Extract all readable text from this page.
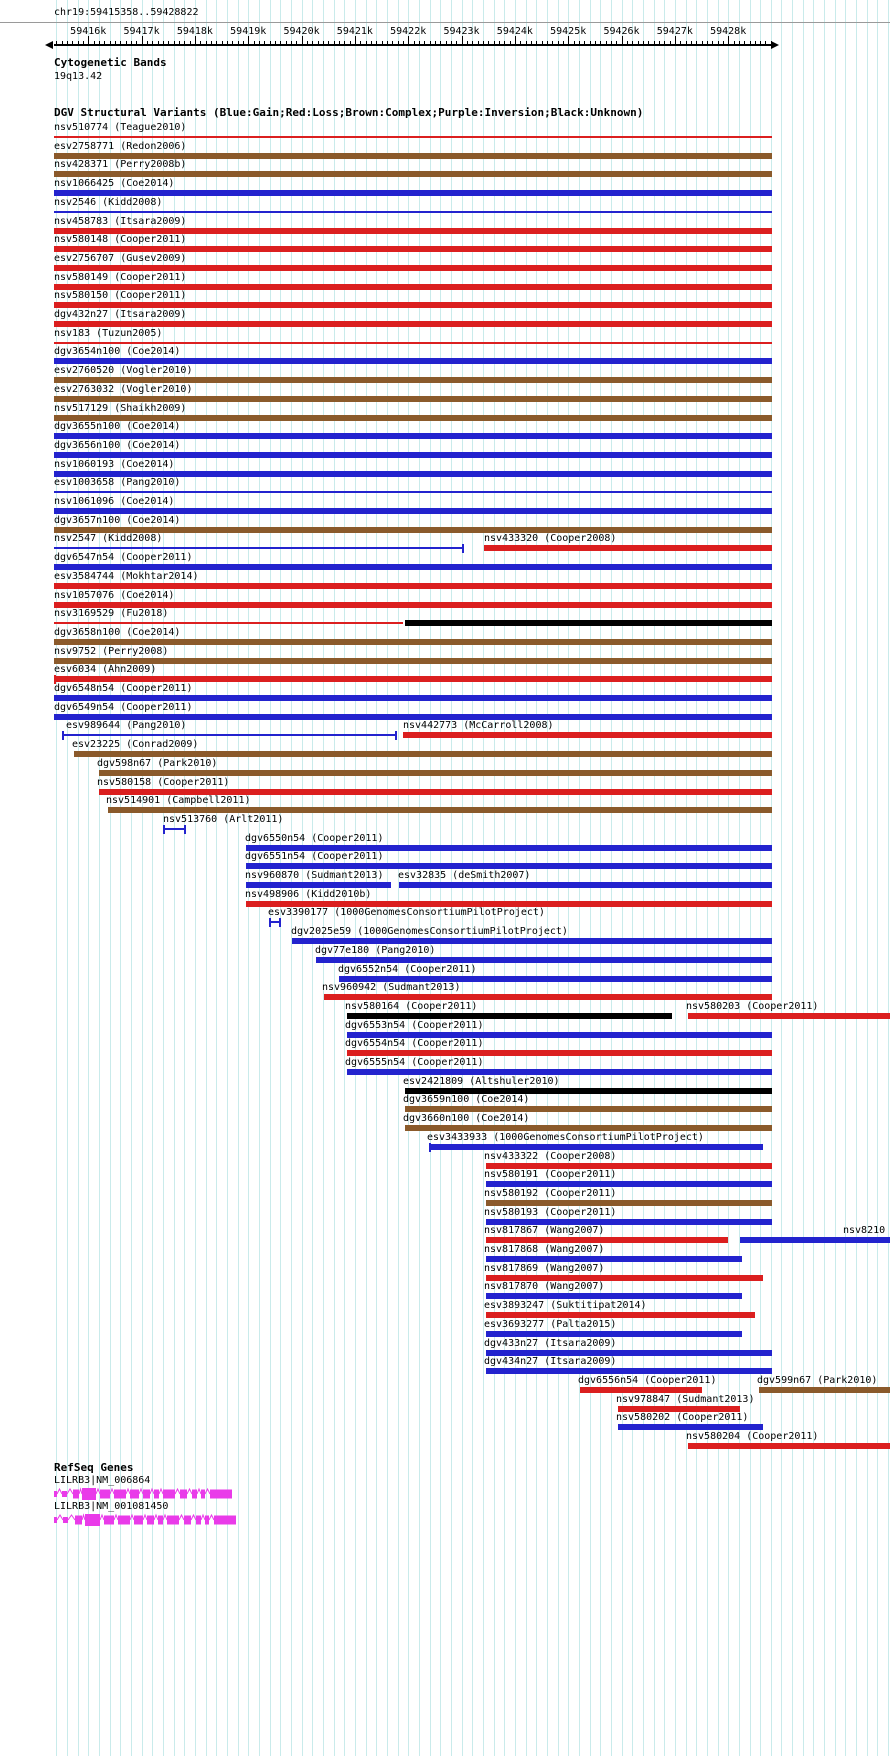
chr19:59415358..59428822
59416k 59417k 59418k 59419k 59420k 59421k 59422k 59423k 59424k 59425k 59426k 59427k 59428k
Cytogenetic Bands
19q13.42
DGV Structural Variants (Blue:Gain;Red:Loss;Brown:Complex;Purple:Inversion;Black:Unknown)
nsv510774 (Teague2010)
esv2758771 (Redon2006)
nsv428371 (Perry2008b)
nsv1066425 (Coe2014)
nsv2546 (Kidd2008)
nsv458783 (Itsara2009)
nsv580148 (Cooper2011)
esv2756707 (Gusev2009)
nsv580149 (Cooper2011)
nsv580150 (Cooper2011)
dgv432n27 (Itsara2009)
nsv183 (Tuzun2005)
dgv3654n100 (Coe2014)
esv2760520 (Vogler2010)
esv2763032 (Vogler2010)
nsv517129 (Shaikh2009)
dgv3655n100 (Coe2014)
dgv3656n100 (Coe2014)
nsv1060193 (Coe2014)
esv1003658 (Pang2010)
nsv1061096 (Coe2014)
dgv3657n100 (Coe2014)
nsv2547 (Kidd2008)	nsv433320 (Cooper2008)
dgv6547n54 (Cooper2011)
esv3584744 (Mokhtar2014)
nsv1057076 (Coe2014)
nsv3169529 (Fu2018)
dgv3658n100 (Coe2014)
nsv9752 (Perry2008)
esv6034 (Ahn2009)
dgv6548n54 (Cooper2011)
dgv6549n54 (Cooper2011)
esv989644 (Pang2010)	nsv442773 (McCarroll2008)
esv23225 (Conrad2009)
dgv598n67 (Park2010)
nsv580158 (Cooper2011)
nsv514901 (Campbell2011)
nsv513760 (Arlt2011)
dgv6550n54 (Cooper2011)
dgv6551n54 (Cooper2011)
nsv960870 (Sudmant2013) esv32835 (deSmith2007)
nsv498906 (Kidd2010b)
esv3390177 (1000GenomesConsortiumPilotProject)
dgv2025e59 (1000GenomesConsortiumPilotProject)
dgv77e180 (Pang2010)
dgv6552n54 (Cooper2011)
nsv960942 (Sudmant2013)
nsv580164 (Cooper2011)	nsv580203 (Cooper2011)
dgv6553n54 (Cooper2011)
dgv6554n54 (Cooper2011)
dgv6555n54 (Cooper2011)
esv2421809 (Altshuler2010)
dgv3659n100 (Coe2014)
dgv3660n100 (Coe2014)
esv3433933 (1000GenomesConsortiumPilotProject)
nsv433322 (Cooper2008)
nsv580191 (Cooper2011)
nsv580192 (Cooper2011)
nsv580193 (Cooper2011)
nsv817867 (Wang2007)	nsv8210
nsv817868 (Wang2007)
nsv817869 (Wang2007)
nsv817870 (Wang2007)
esv3893247 (Suktitipat2014)
esv3693277 (Palta2015)
dgv433n27 (Itsara2009)
dgv434n27 (Itsara2009)
dgv6556n54 (Cooper2011)	dgv599n67 (Park2010)
nsv978847 (Sudmant2013)
nsv580202 (Cooper2011)
nsv580204 (Cooper2011)
RefSeq Genes
LILRB3|NM_006864
LILRB3|NM_001081450
